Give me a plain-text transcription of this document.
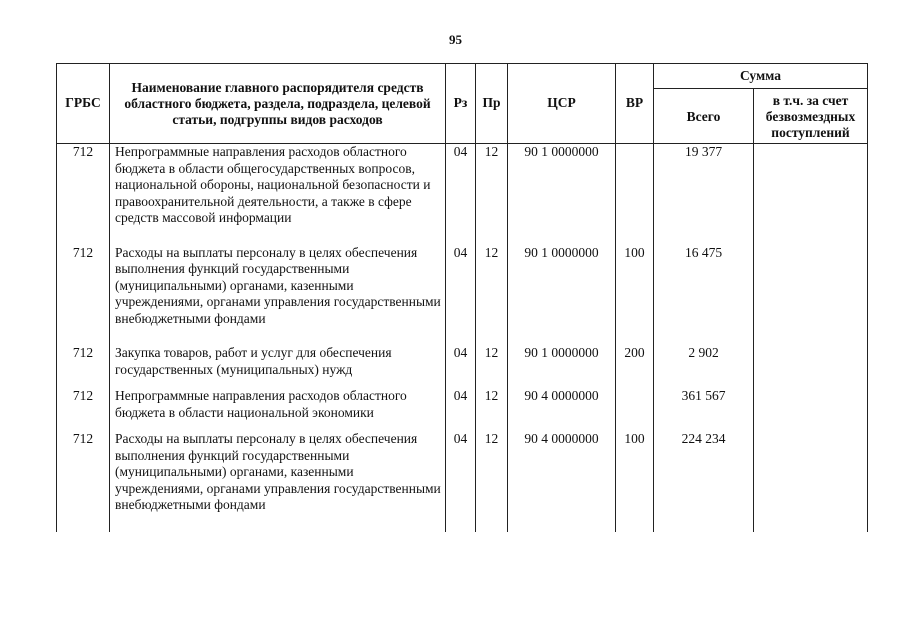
95
ГРБС	Наименование главного распорядителя средств областного бюджета, раздела, подраздела, целевой статьи, подгруппы видов расходов	Рз	Пр	ЦСР	ВР	Сумма	
						Всего	в т.ч. за счет безвозмездных поступлений
712	Непрограммные направления расходов областного бюджета в области общегосударственных вопросов, национальной обороны, национальной безопасности и правоохранительной деятельности, а также в сфере средств массовой информации	04	12	90 1 0000000		19 377	
712	Расходы на выплаты персоналу в целях обеспечения выполнения функций государственными (муниципальными) органами, казенными учреждениями, органами управления государственными внебюджетными фондами	04	12	90 1 0000000	100	16 475	
712	Закупка товаров, работ и услуг для обеспечения государственных (муниципальных) нужд	04	12	90 1 0000000	200	2 902	
712	Непрограммные направления расходов областного бюджета в области национальной экономики	04	12	90 4 0000000		361 567	
712	Расходы на выплаты персоналу в целях обеспечения выполнения функций государственными (муниципальными) органами, казенными учреждениями, органами управления государственными внебюджетными фондами	04	12	90 4 0000000	100	224 234	
